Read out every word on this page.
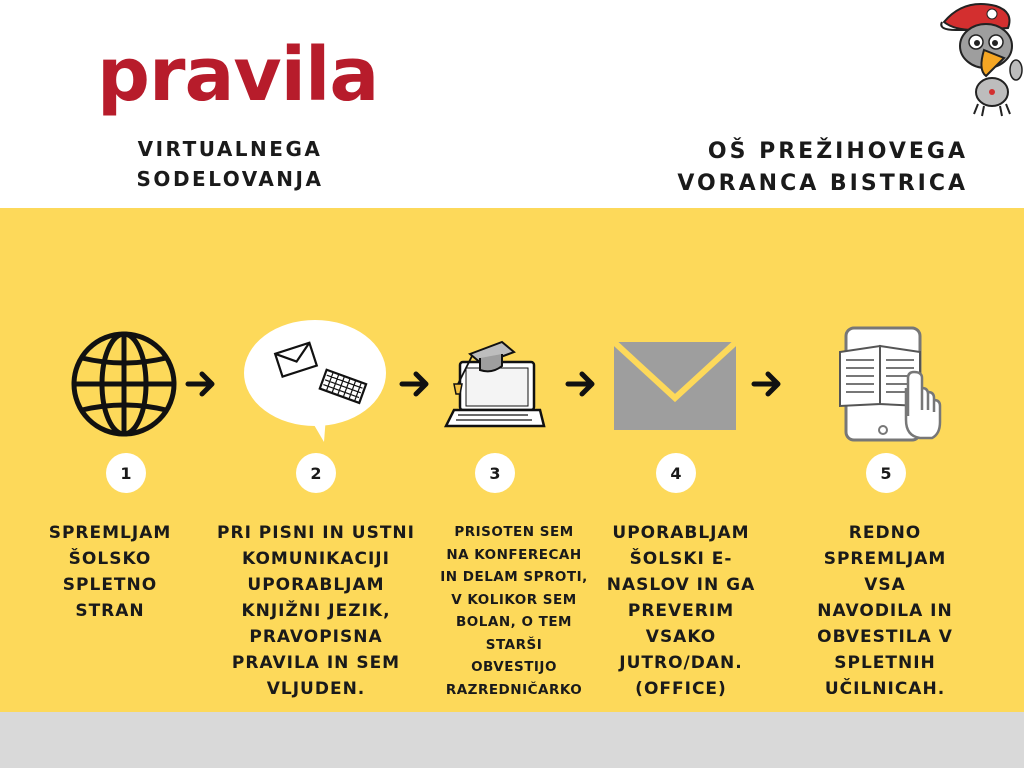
pravila
VIRTUALNEGA
SODELOVANJA
OŠ PREŽIHOVEGA
VORANCA BISTRICA
1	2	3	4	5
SPREMLJAM
ŠOLSKO
SPLETNO
STRAN
PRI PISNI IN USTNI
KOMUNIKACIJI
UPORABLJAM
KNJIŽNI JEZIK,
PRAVOPISNA
PRAVILA IN SEM
VLJUDEN.
PRISOTEN SEM
NA KONFERECAH
IN DELAM SPROTI,
V KOLIKOR SEM
BOLAN, O TEM
STARŠI
OBVESTIJO
RAZREDNIČARKO
UPORABLJAM
ŠOLSKI E-
NASLOV IN GA
PREVERIM
VSAKO
JUTRO/DAN.
(OFFICE)
REDNO
SPREMLJAM
VSA
NAVODILA IN
OBVESTILA V
SPLETNIH
UČILNICAH.
